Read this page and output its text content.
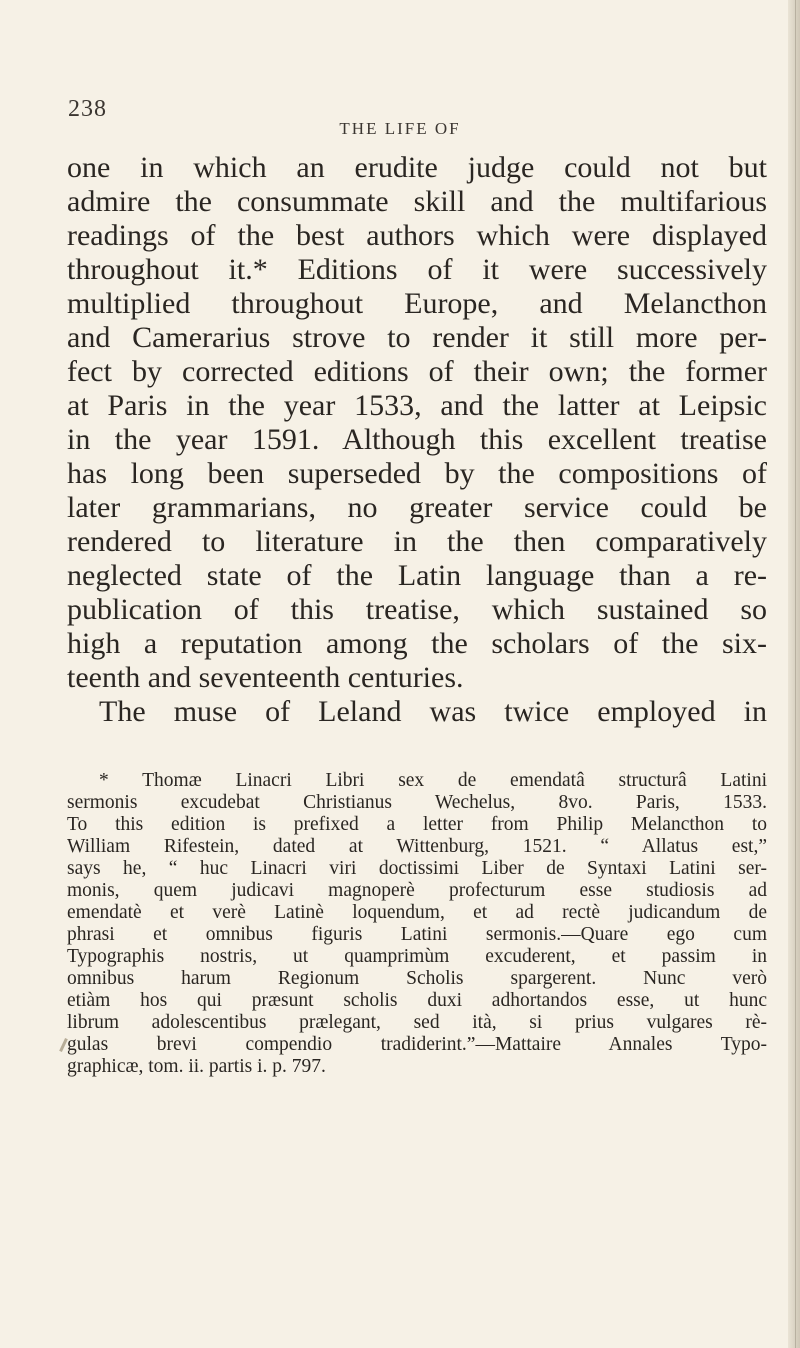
238
THE LIFE OF
one in which an erudite judge could not but
admire the consummate skill and the multifarious
readings of the best authors which were displayed
throughout it.* Editions of it were successively
multiplied throughout Europe, and Melancthon
and Camerarius strove to render it still more per-
fect by corrected editions of their own; the former
at Paris in the year 1533, and the latter at Leipsic
in the year 1591. Although this excellent treatise
has long been superseded by the compositions of
later grammarians, no greater service could be
rendered to literature in the then comparatively
neglected state of the Latin language than a re-
publication of this treatise, which sustained so
high a reputation among the scholars of the six-
teenth and seventeenth centuries.
The muse of Leland was twice employed in
* Thomæ Linacri Libri sex de emendatâ structurâ Latini
sermonis excudebat Christianus Wechelus, 8vo. Paris, 1533.
To this edition is prefixed a letter from Philip Melancthon to
William Rifestein, dated at Wittenburg, 1521. “ Allatus est,”
says he, “ huc Linacri viri doctissimi Liber de Syntaxi Latini ser-
monis, quem judicavi magnoperè profecturum esse studiosis ad
emendatè et verè Latinè loquendum, et ad rectè judicandum de
phrasi et omnibus figuris Latini sermonis.—Quare ego cum
Typographis nostris, ut quamprimùm excuderent, et passim in
omnibus harum Regionum Scholis spargerent. Nunc verò
etiàm hos qui præsunt scholis duxi adhortandos esse, ut hunc
librum adolescentibus prælegant, sed ità, si prius vulgares rè-
gulas brevi compendio tradiderint.”—Mattaire Annales Typo-
graphicæ, tom. ii. partis i. p. 797.
